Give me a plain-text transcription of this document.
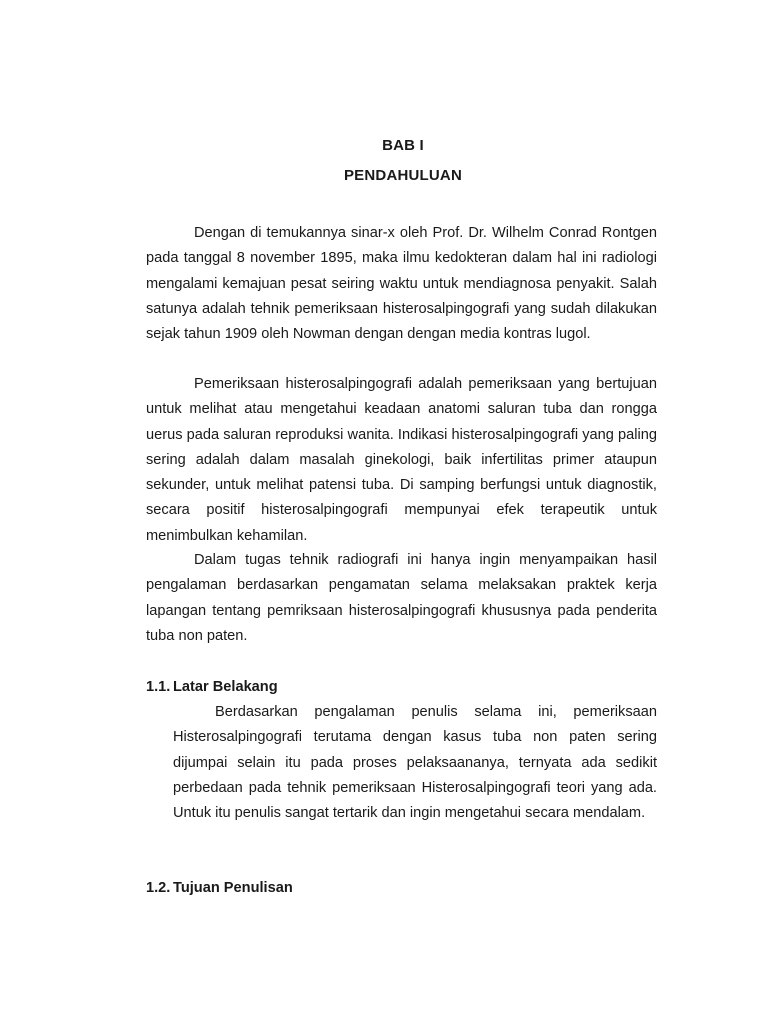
BAB I
PENDAHULUAN

Dengan di temukannya sinar-x oleh Prof. Dr. Wilhelm Conrad Rontgen pada tanggal 8 november 1895, maka ilmu kedokteran dalam hal ini radiologi mengalami kemajuan pesat seiring waktu untuk mendiagnosa penyakit. Salah satunya adalah tehnik pemeriksaan histerosalpingografi yang sudah dilakukan sejak tahun 1909 oleh Nowman dengan dengan media kontras lugol.

Pemeriksaan histerosalpingografi adalah pemeriksaan yang bertujuan untuk melihat atau mengetahui keadaan anatomi saluran tuba dan rongga uerus pada saluran reproduksi wanita. Indikasi histerosalpingografi yang paling sering adalah dalam masalah ginekologi, baik infertilitas primer ataupun sekunder, untuk melihat patensi tuba. Di samping berfungsi untuk diagnostik, secara positif histerosalpingografi mempunyai efek terapeutik untuk menimbulkan kehamilan.

Dalam tugas tehnik radiografi ini hanya ingin menyampaikan hasil pengalaman berdasarkan pengamatan selama melaksakan praktek kerja lapangan tentang pemriksaan histerosalpingografi khususnya pada penderita tuba non paten.

1.1. Latar Belakang

Berdasarkan pengalaman penulis selama ini, pemeriksaan Histerosalpingografi terutama dengan kasus tuba non paten sering dijumpai selain itu pada proses pelaksaananya, ternyata ada sedikit perbedaan pada tehnik pemeriksaan Histerosalpingografi teori yang ada. Untuk itu penulis sangat tertarik dan ingin mengetahui secara mendalam.

1.2. Tujuan Penulisan
